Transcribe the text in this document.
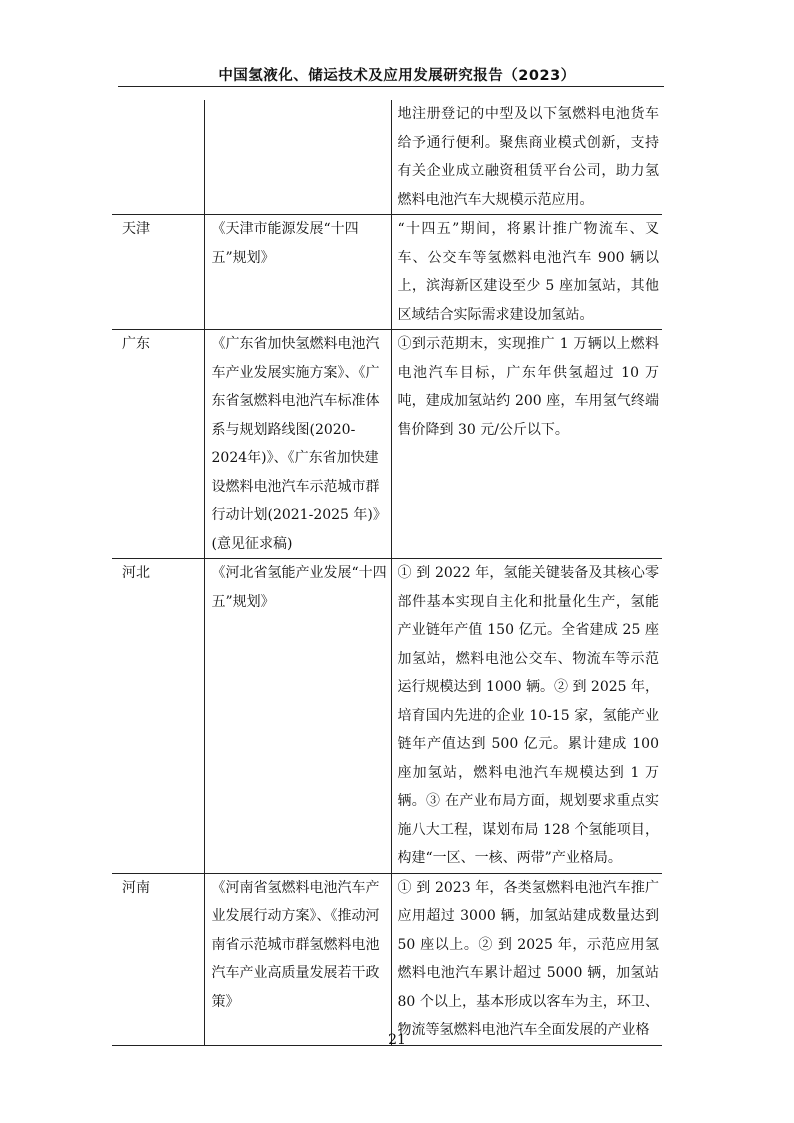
中国氢液化、储运技术及应用发展研究报告（2023）
		地注册登记的中型及以下氢燃料电池货车给予通行便利。聚焦商业模式创新，支持有关企业成立融资租赁平台公司，助力氢燃料电池汽车大规模示范应用。
天津	《天津市能源发展“十四五”规划》	“十四五”期间，将累计推广物流车、叉车、公交车等氢燃料电池汽车 900 辆以上，滨海新区建设至少 5 座加氢站，其他区域结合实际需求建设加氢站。
广东	《广东省加快氢燃料电池汽车产业发展实施方案》、《广东省氢燃料电池汽车标准体系与规划路线图(2020-2024年)》、《广东省加快建设燃料电池汽车示范城市群行动计划(2021-2025 年)》(意见征求稿)	①到示范期末，实现推广 1 万辆以上燃料电池汽车目标，广东年供氢超过 10 万吨，建成加氢站约 200 座，车用氢气终端售价降到 30 元/公斤以下。
河北	《河北省氢能产业发展“十四五”规划》	① 到 2022 年，氢能关键装备及其核心零部件基本实现自主化和批量化生产，氢能产业链年产值 150 亿元。全省建成 25 座加氢站，燃料电池公交车、物流车等示范运行规模达到 1000 辆。② 到 2025 年，培育国内先进的企业 10-15 家，氢能产业链年产值达到 500 亿元。累计建成 100 座加氢站，燃料电池汽车规模达到 1 万辆。③ 在产业布局方面，规划要求重点实施八大工程，谋划布局 128 个氢能项目，构建“一区、一核、两带”产业格局。
河南	《河南省氢燃料电池汽车产业发展行动方案》、《推动河南省示范城市群氢燃料电池汽车产业高质量发展若干政策》	① 到 2023 年，各类氢燃料电池汽车推广应用超过 3000 辆，加氢站建成数量达到 50 座以上。② 到 2025 年，示范应用氢燃料电池汽车累计超过 5000 辆，加氢站 80 个以上，基本形成以客车为主，环卫、物流等氢燃料电池汽车全面发展的产业格
21
